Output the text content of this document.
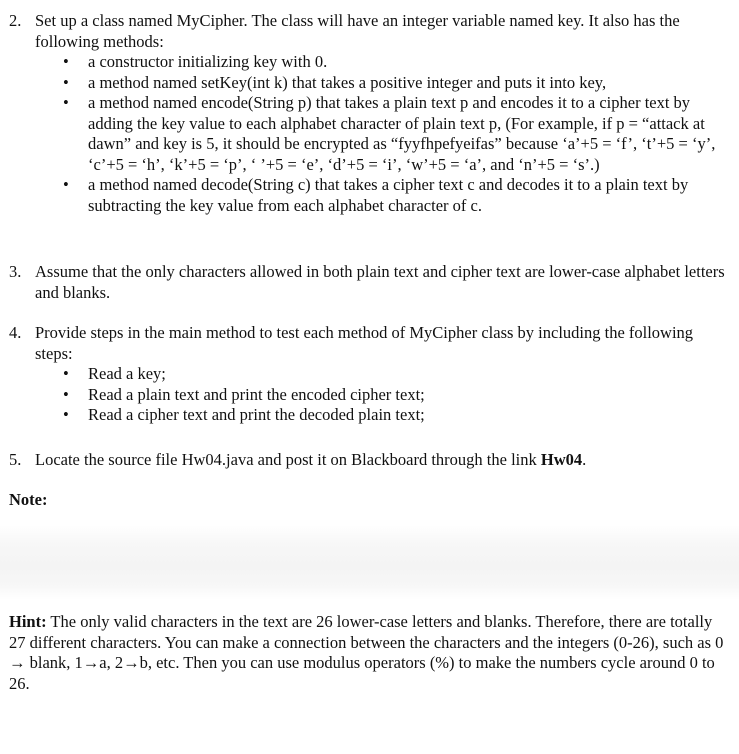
2. Set up a class named MyCipher. The class will have an integer variable named key. It also has the following methods:
• a constructor initializing key with 0.
• a method named setKey(int k) that takes a positive integer and puts it into key,
• a method named encode(String p) that takes a plain text p and encodes it to a cipher text by adding the key value to each alphabet character of plain text p, (For example, if p = “attack at dawn” and key is 5, it should be encrypted as “fyyfhpefyeifas” because ‘a’+5 = ‘f’, ‘t’+5 = ‘y’, ‘c’+5 = ‘h’, ‘k’+5 = ‘p’, ‘ ’+5 = ‘e’, ‘d’+5 = ‘i’, ‘w’+5 = ‘a’, and ‘n’+5 = ‘s’.)
• a method named decode(String c) that takes a cipher text c and decodes it to a plain text by subtracting the key value from each alphabet character of c.
3. Assume that the only characters allowed in both plain text and cipher text are lower-case alphabet letters and blanks.
4. Provide steps in the main method to test each method of MyCipher class by including the following steps:
• Read a key;
• Read a plain text and print the encoded cipher text;
• Read a cipher text and print the decoded plain text;
5. Locate the source file Hw04.java and post it on Blackboard through the link Hw04.
Note:
Hint: The only valid characters in the text are 26 lower-case letters and blanks. Therefore, there are totally 27 different characters. You can make a connection between the characters and the integers (0-26), such as 0 → blank, 1→a, 2→b, etc. Then you can use modulus operators (%) to make the numbers cycle around 0 to 26.
